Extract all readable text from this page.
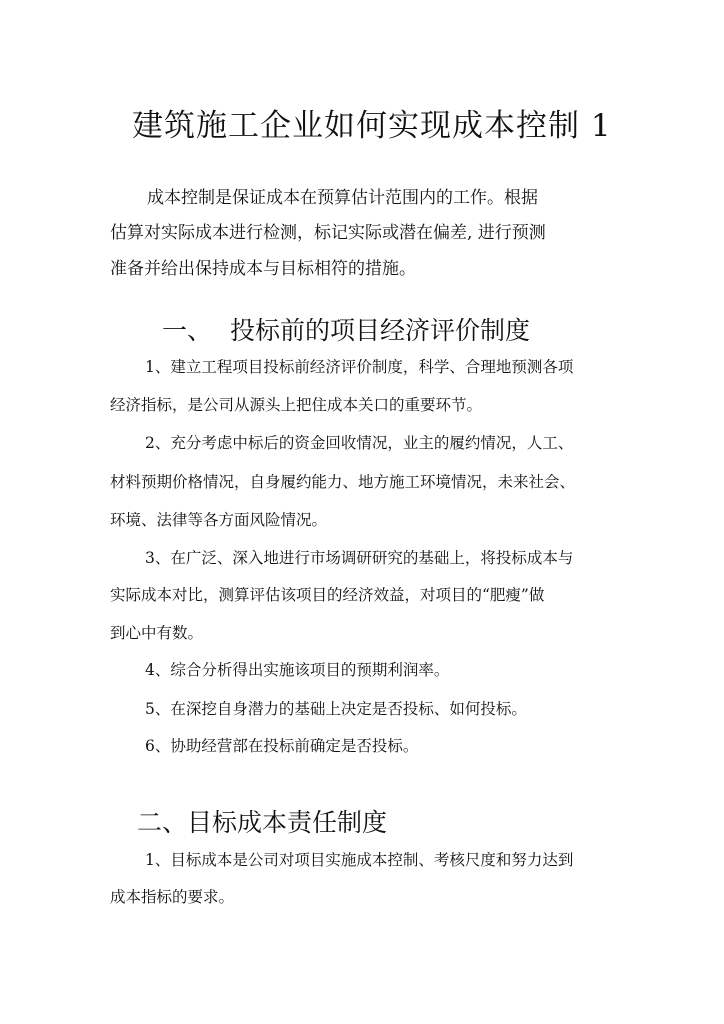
建筑施工企业如何实现成本控制 1
成本控制是保证成本在预算估计范围内的工作。根据
估算对实际成本进行检测，标记实际或潜在偏差, 进行预测
准备并给出保持成本与目标相符的措施。
一、 投标前的项目经济评价制度
1、建立工程项目投标前经济评价制度，科学、合理地预测各项
经济指标，是公司从源头上把住成本关口的重要环节。
2、充分考虑中标后的资金回收情况，业主的履约情况，人工、
材料预期价格情况，自身履约能力、地方施工环境情况，未来社会、
环境、法律等各方面风险情况。
3、在广泛、深入地进行市场调研研究的基础上，将投标成本与
实际成本对比，测算评估该项目的经济效益，对项目的“肥瘦”做
到心中有数。
4、综合分析得出实施该项目的预期利润率。
5、在深挖自身潜力的基础上决定是否投标、如何投标。
6、协助经营部在投标前确定是否投标。
二、目标成本责任制度
1、目标成本是公司对项目实施成本控制、考核尺度和努力达到
成本指标的要求。
